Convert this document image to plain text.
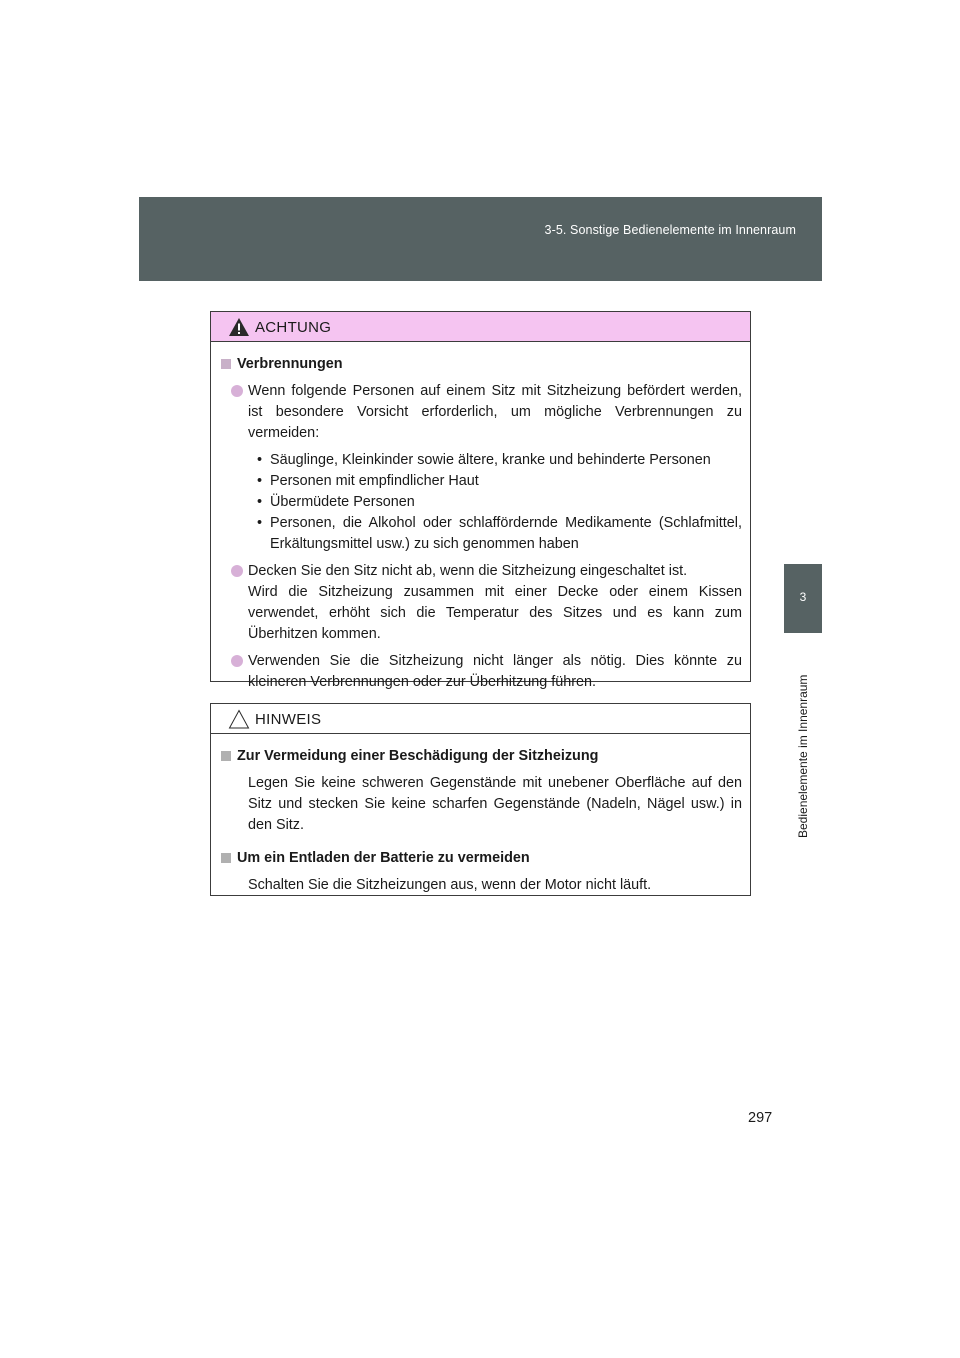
3-5. Sonstige Bedienelemente im Innenraum
3
Bedienelemente im Innenraum
ACHTUNG
Verbrennungen
Wenn folgende Personen auf einem Sitz mit Sitzheizung befördert werden, ist besondere Vorsicht erforderlich, um mögliche Verbrennungen zu vermeiden:
• Säuglinge, Kleinkinder sowie ältere, kranke und behinderte Personen
• Personen mit empfindlicher Haut
• Übermüdete Personen
• Personen, die Alkohol oder schlaffördernde Medikamente (Schlafmittel, Erkältungsmittel usw.) zu sich genommen haben
Decken Sie den Sitz nicht ab, wenn die Sitzheizung eingeschaltet ist.
Wird die Sitzheizung zusammen mit einer Decke oder einem Kissen verwendet, erhöht sich die Temperatur des Sitzes und es kann zum Überhitzen kommen.
Verwenden Sie die Sitzheizung nicht länger als nötig. Dies könnte zu kleineren Verbrennungen oder zur Überhitzung führen.
HINWEIS
Zur Vermeidung einer Beschädigung der Sitzheizung
Legen Sie keine schweren Gegenstände mit unebener Oberfläche auf den Sitz und stecken Sie keine scharfen Gegenstände (Nadeln, Nägel usw.) in den Sitz.
Um ein Entladen der Batterie zu vermeiden
Schalten Sie die Sitzheizungen aus, wenn der Motor nicht läuft.
297
